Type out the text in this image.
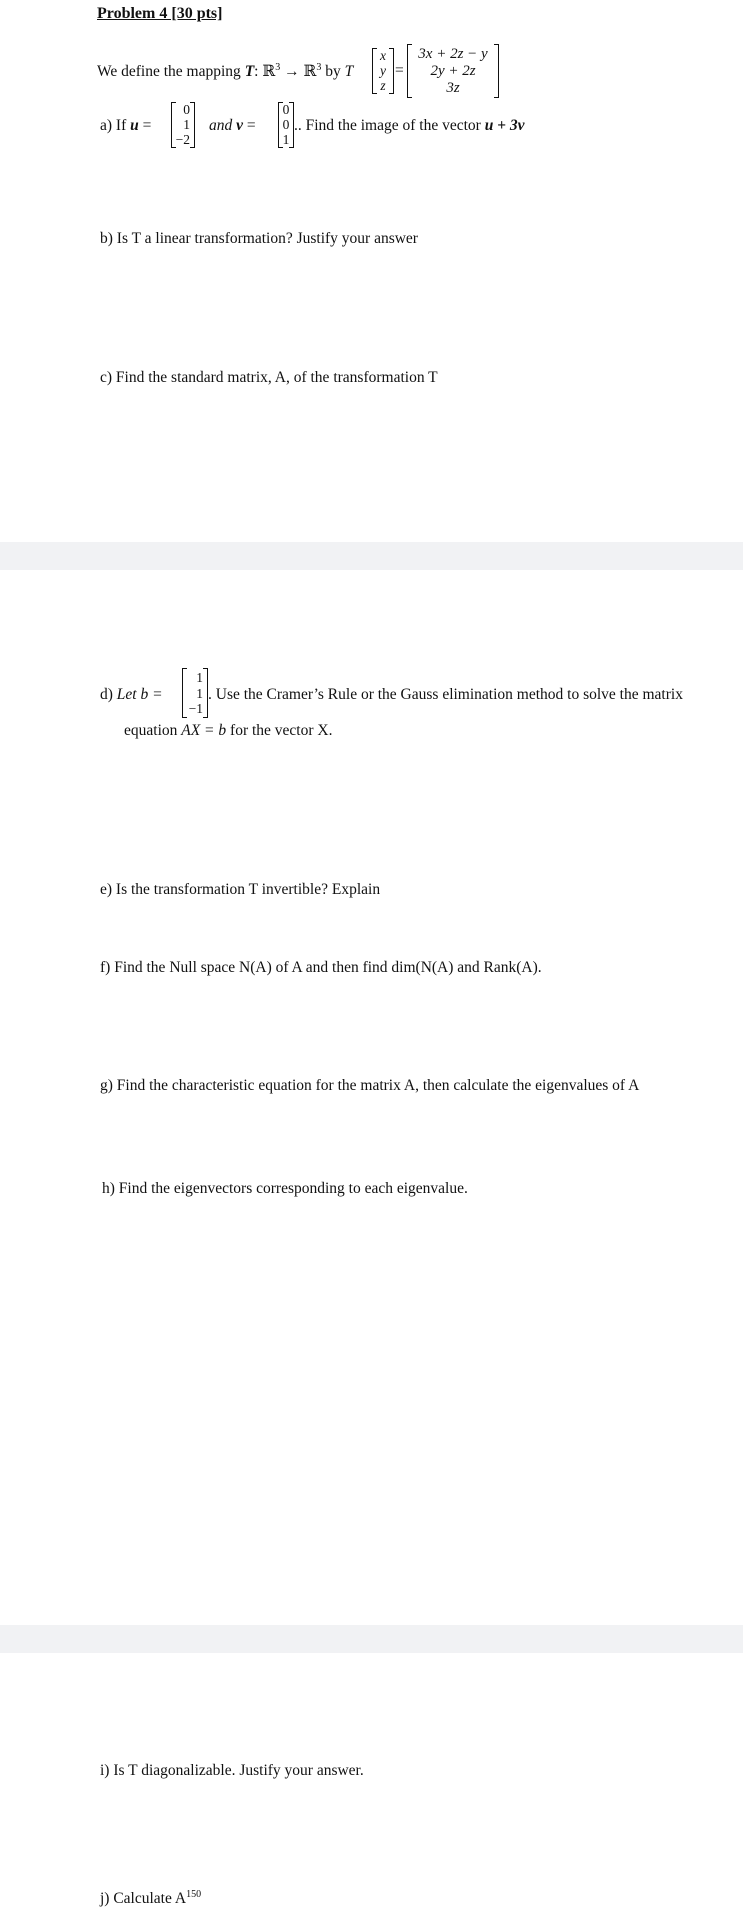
Problem 4 [30 pts]
We define the mapping T: ℝ$^3$ → ℝ$^3$ by T
x
y
z
=
3x + 2z − y
2y + 2z
3z
a) If u =
0
1
−2
and v =
0
0
1
.. Find the image of the vector u + 3v
b) Is T a linear transformation? Justify your answer
c) Find the standard matrix, A, of the transformation T
d) Let b =
1
1
−1
. Use the Cramer’s Rule or the Gauss elimination method to solve the matrix
equation AX = b for the vector X.
e) Is the transformation T invertible? Explain
f) Find the Null space N(A) of A and then find dim(N(A) and Rank(A).
g) Find the characteristic equation for the matrix A, then calculate the eigenvalues of A
h) Find the eigenvectors corresponding to each eigenvalue.
i) Is T diagonalizable. Justify your answer.
j) Calculate $A^{150}$
